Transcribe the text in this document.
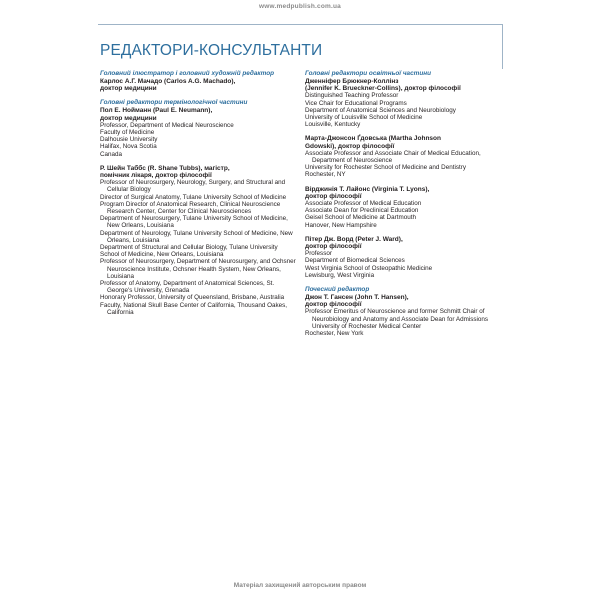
www.medpublish.com.ua
РЕДАКТОРИ-КОНСУЛЬТАНТИ
Головний ілюстратор і головний художній редактор
Карлос А.Г. Мачадо (Carlos A.G. Machado),
доктор медицини
Головні редактори термінологічної частини
Пол Е. Нойманн (Paul E. Neumann),
доктор медицини
Professor, Department of Medical Neuroscience
Faculty of Medicine
Dalhousie University
Halifax, Nova Scotia
Canada
Р. Шейн Таббс (R. Shane Tubbs), магістр,
помічник лікаря, доктор філософії
Professor of Neurosurgery, Neurology, Surgery, and Structural and Cellular Biology
Director of Surgical Anatomy, Tulane University School of Medicine
Program Director of Anatomical Research, Clinical Neuroscience Research Center, Center for Clinical Neurosciences
Department of Neurosurgery, Tulane University School of Medicine, New Orleans, Louisiana
Department of Neurology, Tulane University School of Medicine, New Orleans, Louisiana
Department of Structural and Cellular Biology, Tulane University
School of Medicine, New Orleans, Louisiana
Professor of Neurosurgery, Department of Neurosurgery, and Ochsner Neuroscience Institute, Ochsner Health System, New Orleans, Louisiana
Professor of Anatomy, Department of Anatomical Sciences, St. George's University, Grenada
Honorary Professor, University of Queensland, Brisbane, Australia
Faculty, National Skull Base Center of California, Thousand Oakes, California
Головні редактори освітньої частини
Дженніфер Брюкнер-Коллінз
(Jennifer K. Brueckner-Collins), доктор філософії
Distinguished Teaching Professor
Vice Chair for Educational Programs
Department of Anatomical Sciences and Neurobiology
University of Louisville School of Medicine
Louisville, Kentucky
Марта-Джонсон Ґдовська (Martha Johnson
Gdowski), доктор філософії
Associate Professor and Associate Chair of Medical Education, Department of Neuroscience
University for Rochester School of Medicine and Dentistry
Rochester, NY
Вірджинія Т. Лайонс (Virginia T. Lyons),
доктор філософії
Associate Professor of Medical Education
Associate Dean for Preclinical Education
Geisel School of Medicine at Dartmouth
Hanover, New Hampshire
Пітер Дж. Ворд (Peter J. Ward),
доктор філософії
Professor
Department of Biomedical Sciences
West Virginia School of Osteopathic Medicine
Lewisburg, West Virginia
Почесний редактор
Джон Т. Гансен (John T. Hansen),
доктор філософії
Professor Emeritus of Neuroscience and former Schmitt Chair of Neurobiology and Anatomy and Associate Dean for Admissions University of Rochester Medical Center
Rochester, New York
Матеріал захищений авторським правом
